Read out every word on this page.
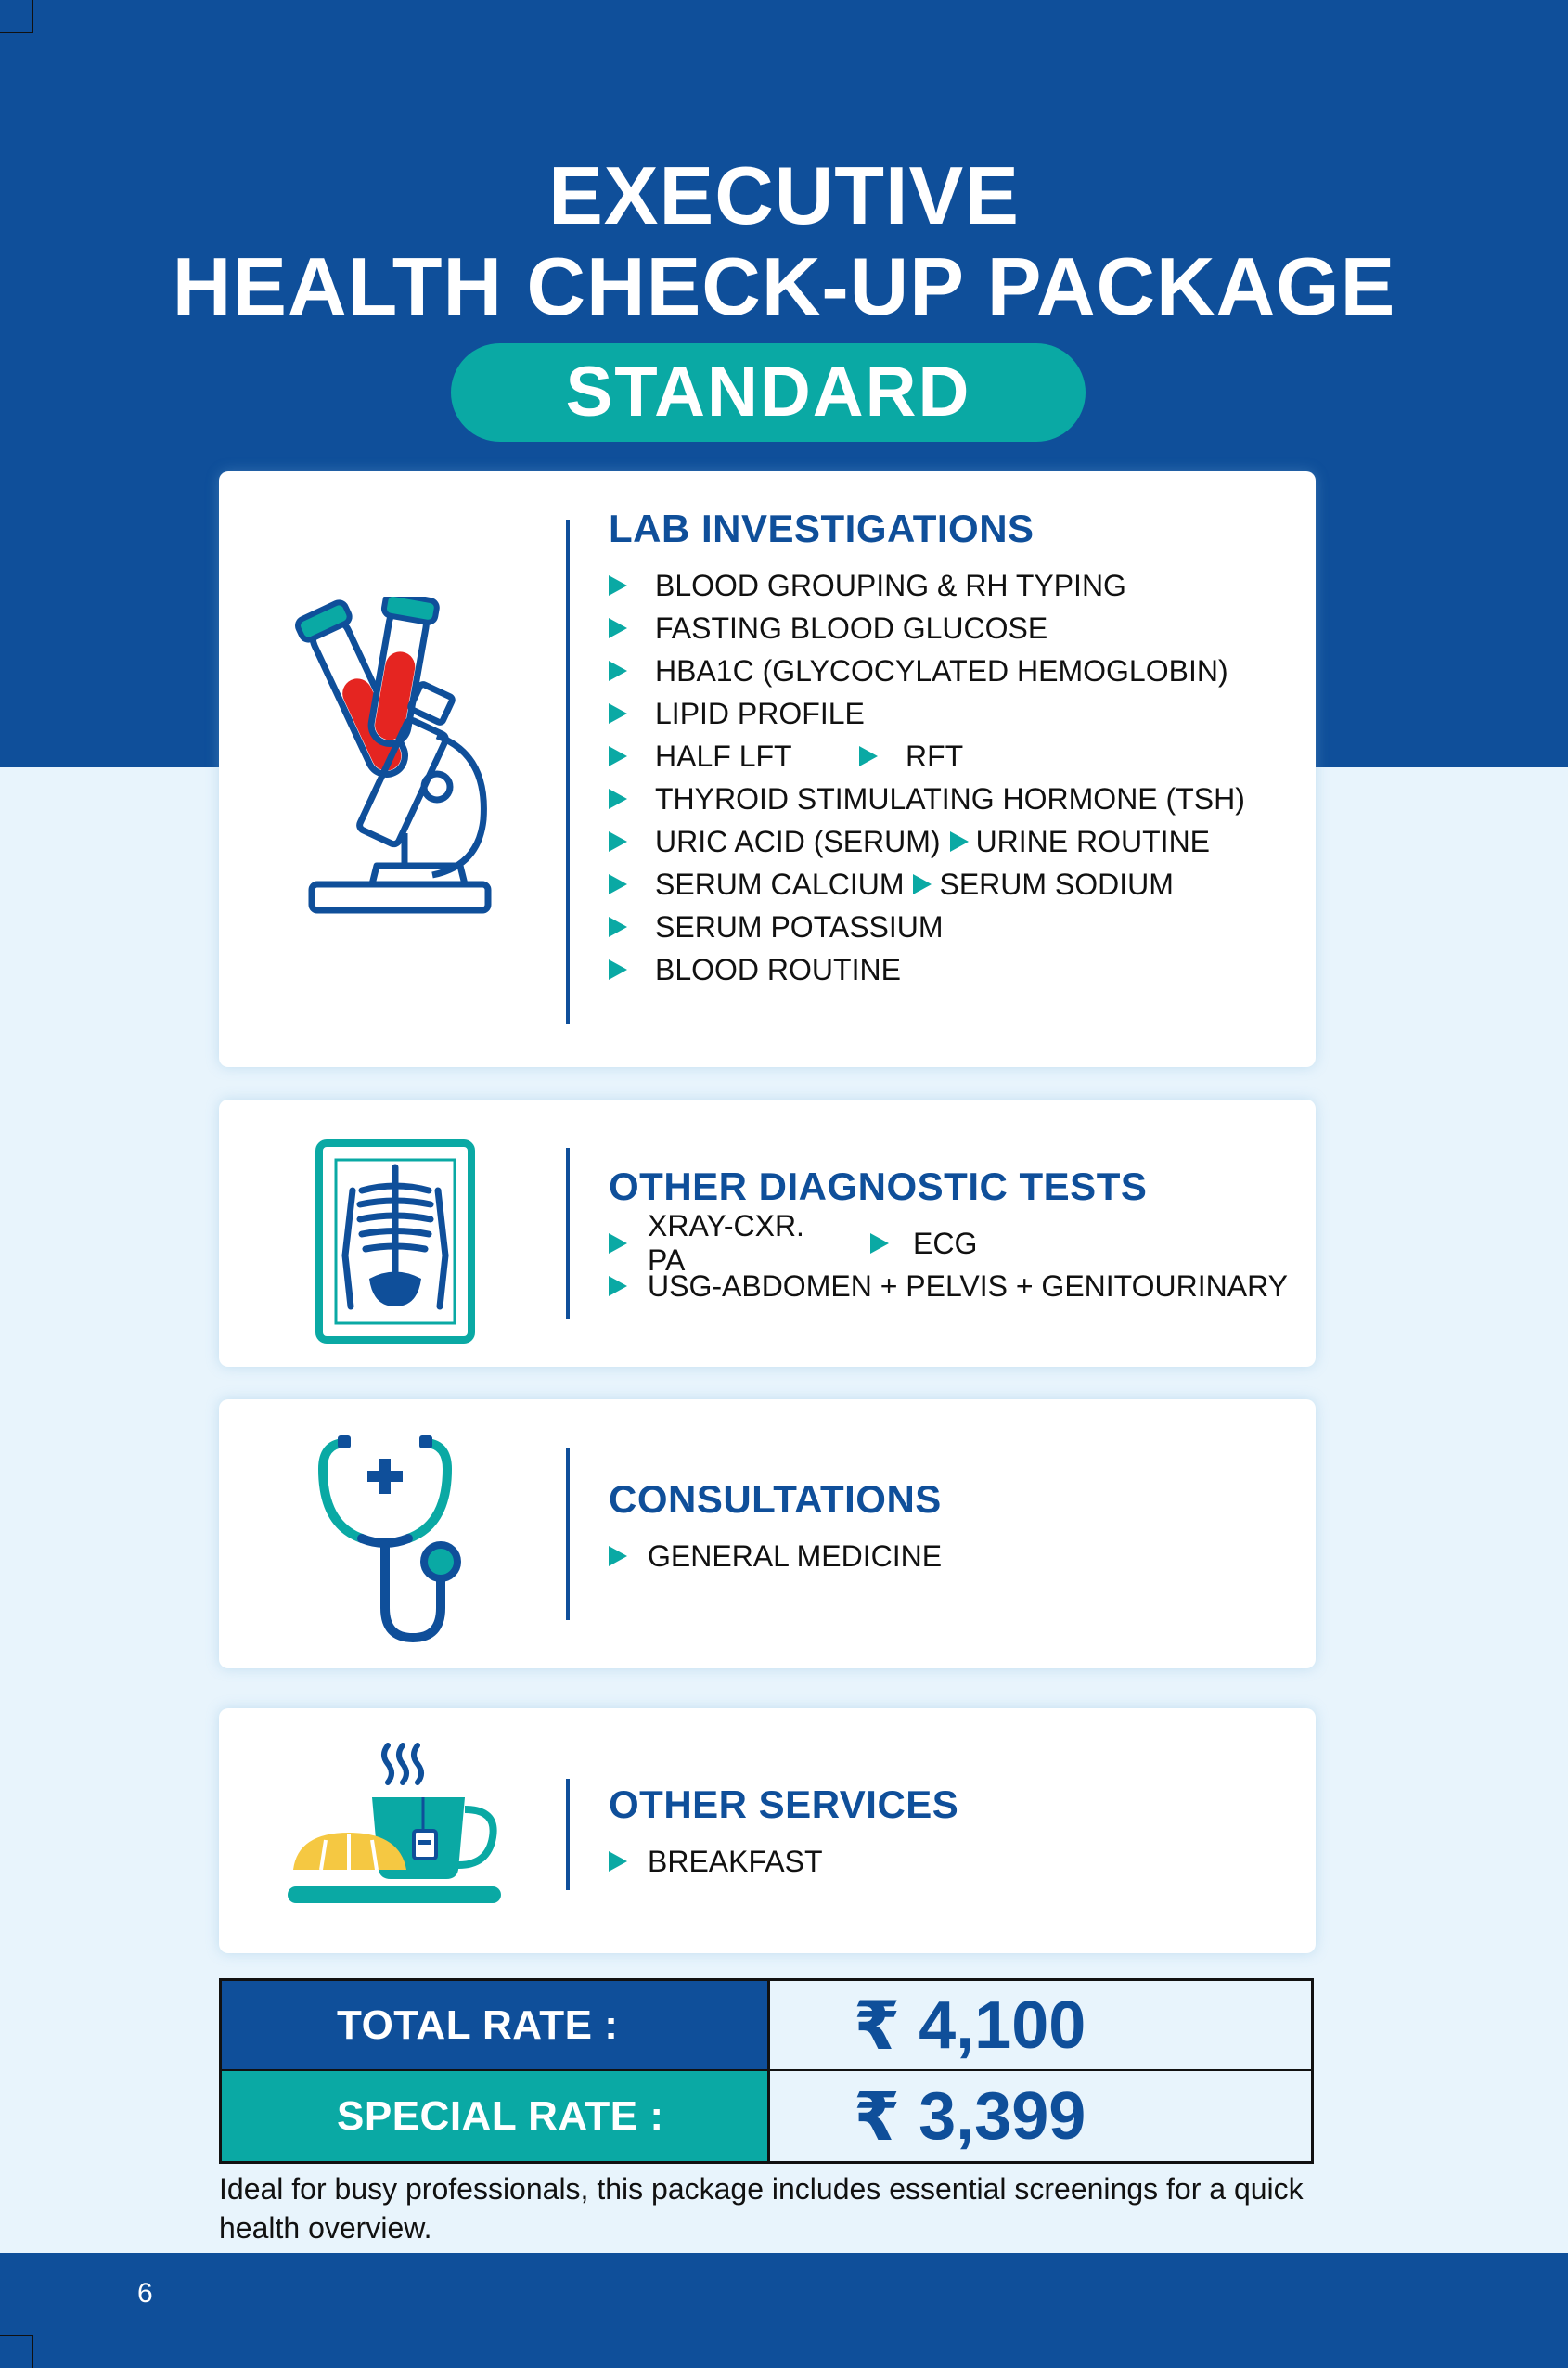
EXECUTIVE
HEALTH CHECK-UP PACKAGE
STANDARD
LAB INVESTIGATIONS
BLOOD GROUPING & RH TYPING
FASTING BLOOD GLUCOSE
HBA1C (GLYCOCYLATED HEMOGLOBIN)
LIPID PROFILE
HALF LFT	RFT
THYROID STIMULATING HORMONE (TSH)
URIC ACID (SERUM) URINE ROUTINE
SERUM CALCIUM SERUM SODIUM
SERUM POTASSIUM
BLOOD ROUTINE
OTHER DIAGNOSTIC TESTS
XRAY-CXR. PA
ECG
USG-ABDOMEN + PELVIS + GENITOURINARY
CONSULTATIONS
GENERAL MEDICINE
OTHER SERVICES
BREAKFAST
TOTAL RATE :	₹ 4,100
SPECIAL RATE :	₹ 3,399
Ideal for busy professionals, this package includes essential screenings for a quick health overview.
6
